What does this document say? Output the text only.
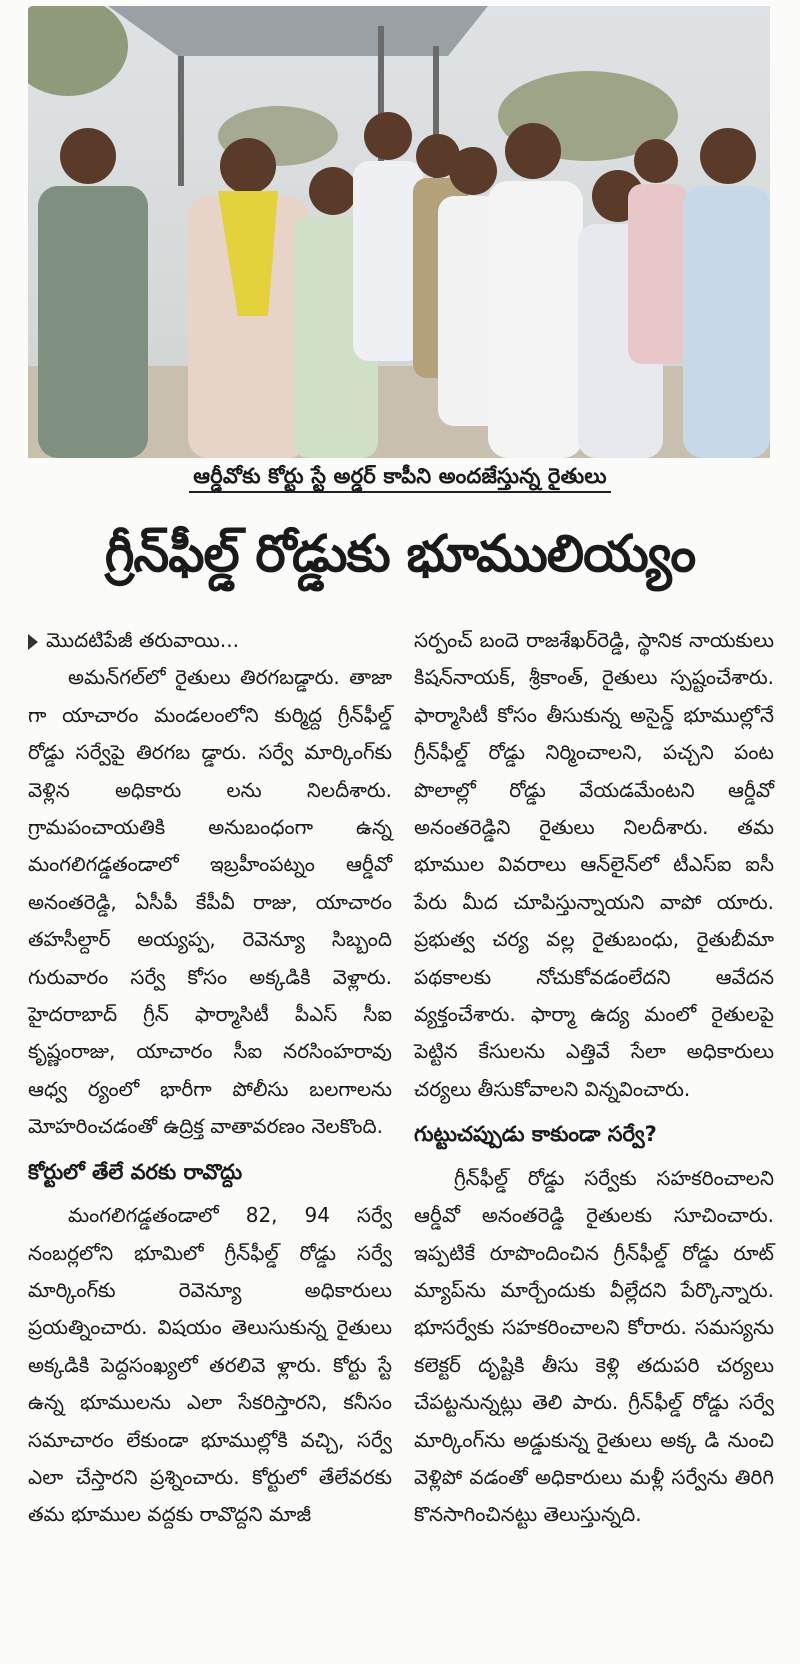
ఆర్డీవోకు కోర్టు స్టే అర్డర్ కాపీని అందజేస్తున్న రైతులు
గ్రీన్‌ఫీల్డ్ రోడ్డుకు భూములియ్యం

మొదటిపేజీ తరువాయి...

అమన్‌గల్‌లో రైతులు తిరగబడ్డారు. తాజా గా యాచారం మండలంలోని కుర్మిద్ద గ్రీన్‌ఫీల్డ్ రోడ్డు సర్వేపై తిరగబ డ్డారు. సర్వే మార్కింగ్‌కు వెళ్లిన అధికారు లను నిలదీశారు. గ్రామపంచాయతికి అనుబంధంగా ఉన్న మంగలిగడ్డతండాలో ఇబ్రహీంపట్నం ఆర్డీవో అనంతరెడ్డి, ఏసీపీ కేపీవీ రాజు, యాచారం తహసీల్దార్ అయ్యప్ప, రెవెన్యూ సిబ్బంది గురువారం సర్వే కోసం అక్కడికి వెళ్లారు. హైదరాబాద్ గ్రీన్ ఫార్మాసిటీ పీఎస్ సీఐ కృష్ణంరాజు, యాచారం సీఐ నరసింహరావు ఆధ్వ ర్యంలో భారీగా పోలీసు బలగాలను మోహరించడంతో ఉద్రిక్త వాతావరణం నెలకొంది.

కోర్టులో తేలే వరకు రావొద్దు

మంగలిగడ్డతండాలో 82, 94 సర్వే నంబర్లలోని భూమిలో గ్రీన్‌ఫీల్డ్ రోడ్డు సర్వే మార్కింగ్‌కు రెవెన్యూ అధికారులు ప్రయత్నించారు. విషయం తెలుసుకున్న రైతులు అక్కడికి పెద్దసంఖ్యలో తరలివె ళ్లారు. కోర్టు స్టే ఉన్న భూములను ఎలా సేకరిస్తారని, కనీసం సమాచారం లేకుండా భూముల్లోకి వచ్చి, సర్వే ఎలా చేస్తారని ప్రశ్నించారు. కోర్టులో తేలేవరకు తమ భూముల వద్దకు రావొద్దని మాజీ

సర్పంచ్ బందె రాజశేఖర్‌రెడ్డి, స్థానిక నాయకులు కిషన్‌నాయక్, శ్రీకాంత్, రైతులు స్పష్టంచేశారు. ఫార్మాసిటీ కోసం తీసుకున్న అసైన్డ్ భూముల్లోనే గ్రీన్‌ఫీల్డ్ రోడ్డు నిర్మించాలని, పచ్చని పంట పొలాల్లో రోడ్డు వేయడమేంటని ఆర్డీవో అనంతరెడ్డిని రైతులు నిలదీశారు. తమ భూముల వివరాలు ఆన్‌లైన్‌లో టీఎస్‌ఐ ఐసీ పేరు మీద చూపిస్తున్నాయని వాపో యారు. ప్రభుత్వ చర్య వల్ల రైతుబంధు, రైతుబీమా పథకాలకు నోచుకోవడంలేదని ఆవేదన వ్యక్తంచేశారు. ఫార్మా ఉద్య మంలో రైతులపై పెట్టిన కేసులను ఎత్తివే సేలా అధికారులు చర్యలు తీసుకోవాలని విన్నవించారు.

గుట్టుచప్పుడు కాకుండా సర్వే?

గ్రీన్‌ఫీల్డ్ రోడ్డు సర్వేకు సహకరించాలని ఆర్డీవో అనంతరెడ్డి రైతులకు సూచించారు. ఇప్పటికే రూపొందించిన గ్రీన్‌ఫీల్డ్ రోడ్డు రూట్ మ్యాప్‌ను మార్చేందుకు వీల్లేదని పేర్కొన్నారు. భూసర్వేకు సహకరించాలని కోరారు. సమస్యను కలెక్టర్ దృష్టికి తీసు కెళ్లి తదుపరి చర్యలు చేపట్టనున్నట్లు తెలి పారు. గ్రీన్‌ఫీల్డ్ రోడ్డు సర్వే మార్కింగ్‌ను అడ్డుకున్న రైతులు అక్క డి నుంచి వెళ్లిపో వడంతో అధికారులు మళ్లీ సర్వేను తిరిగి కొనసాగించినట్టు తెలుస్తున్నది.
